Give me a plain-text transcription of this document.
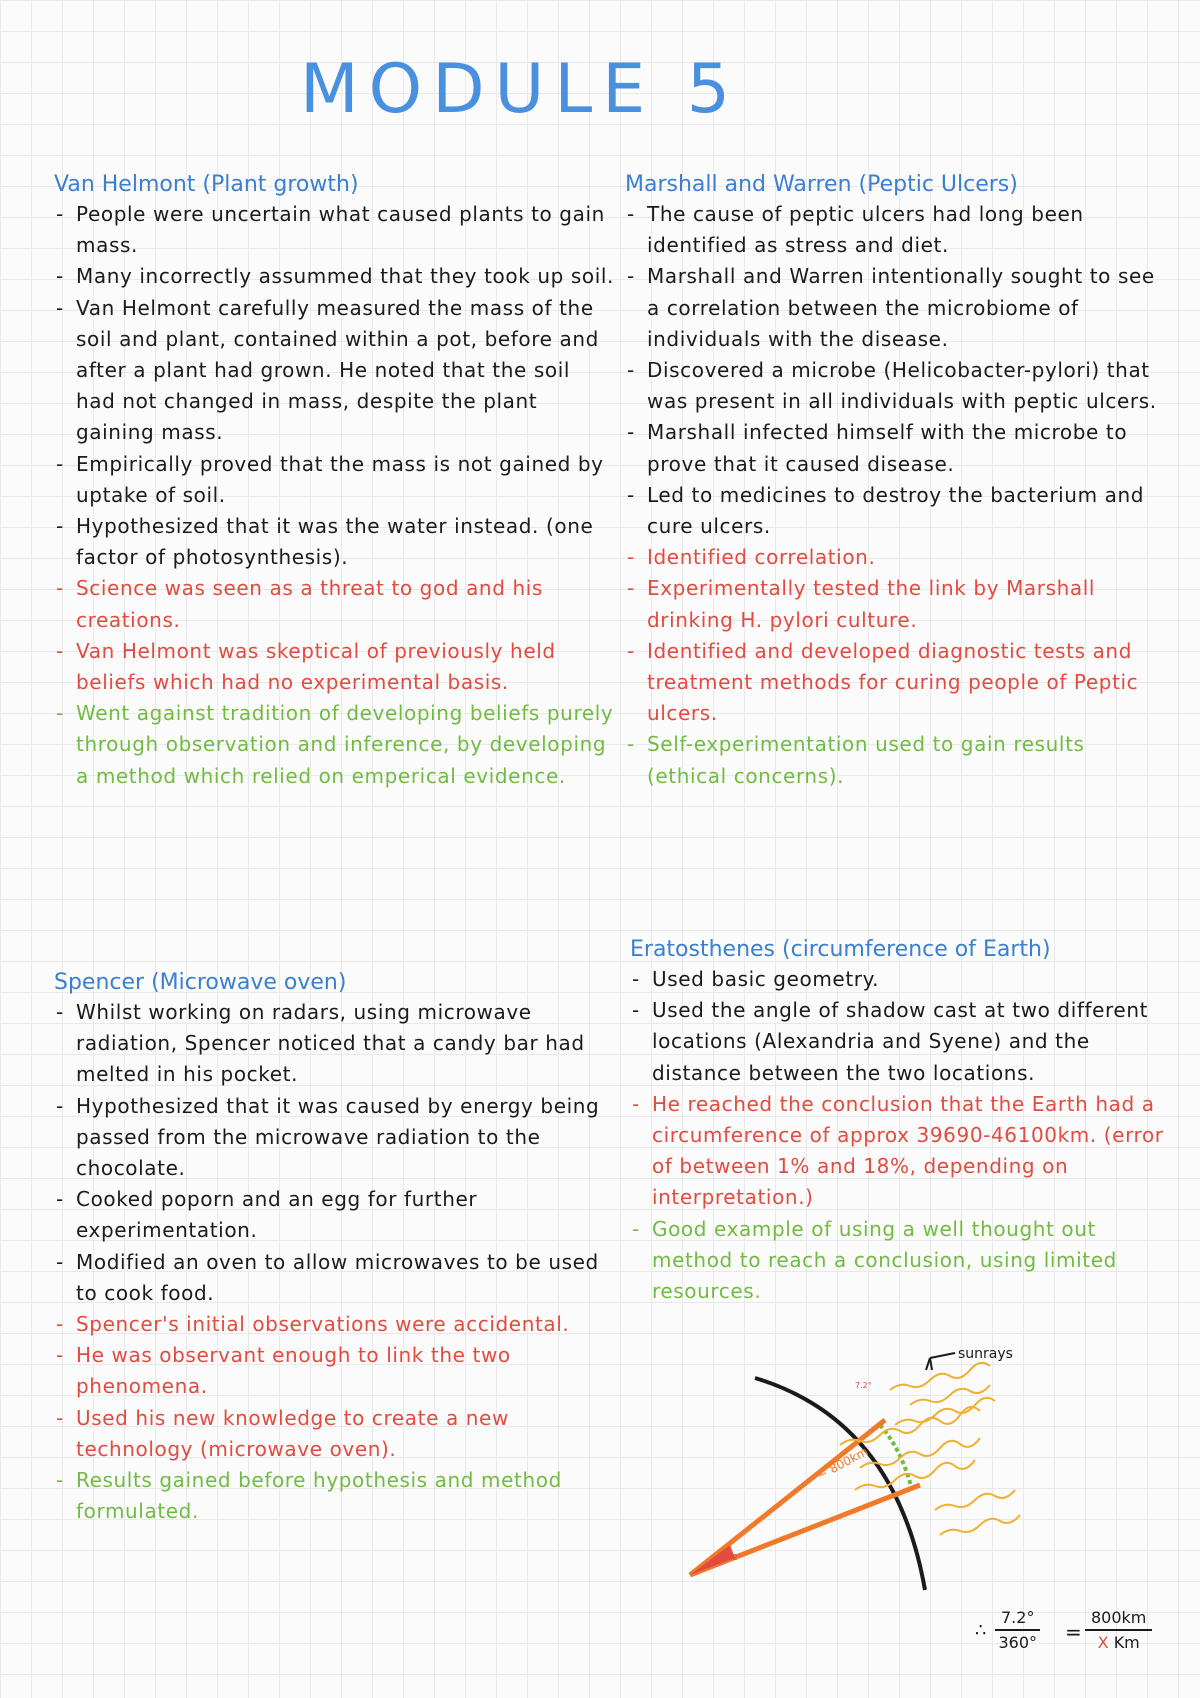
MODULE 5
Van Helmont (Plant growth)
- People were uncertain what caused plants to gain mass.
- Many incorrectly assummed that they took up soil.
- Van Helmont carefully measured the mass of the soil and plant, contained within a pot, before and after a plant had grown. He noted that the soil had not changed in mass, despite the plant gaining mass.
- Empirically proved that the mass is not gained by uptake of soil.
- Hypothesized that it was the water instead. (one factor of photosynthesis).
- Science was seen as a threat to god and his creations.
- Van Helmont was skeptical of previously held beliefs which had no experimental basis.
- Went against tradition of developing beliefs purely through observation and inference, by developing a method which relied on emperical evidence.
Marshall and Warren (Peptic Ulcers)
- The cause of peptic ulcers had long been identified as stress and diet.
- Marshall and Warren intentionally sought to see a correlation between the microbiome of individuals with the disease.
- Discovered a microbe (Helicobacter-pylori) that was present in all individuals with peptic ulcers.
- Marshall infected himself with the microbe to prove that it caused disease.
- Led to medicines to destroy the bacterium and cure ulcers.
- Identified correlation.
- Experimentally tested the link by Marshall drinking H. pylori culture.
- Identified and developed diagnostic tests and treatment methods for curing people of Peptic ulcers.
- Self-experimentation used to gain results (ethical concerns).
Spencer (Microwave oven)
- Whilst working on radars, using microwave radiation, Spencer noticed that a candy bar had melted in his pocket.
- Hypothesized that it was caused by energy being passed from the microwave radiation to the chocolate.
- Cooked poporn and an egg for further experimentation.
- Modified an oven to allow microwaves to be used to cook food.
- Spencer's initial observations were accidental.
- He was observant enough to link the two phenomena.
- Used his new knowledge to create a new technology (microwave oven).
- Results gained before hypothesis and method formulated.
Eratosthenes (circumference of Earth)
- Used basic geometry.
- Used the angle of shadow cast at two different locations (Alexandria and Syene) and the distance between the two locations.
- He reached the conclusion that the Earth had a circumference of approx 39690-46100km. (error of between 1% and 18%, depending on interpretation.)
- Good example of using a well thought out method to reach a conclusion, using limited resources.
sunrays
~ 800km
7.2°
7.2°
∴ $\frac{7.2^\circ}{360^\circ} = \frac{800km}{\text{X Km}}$
